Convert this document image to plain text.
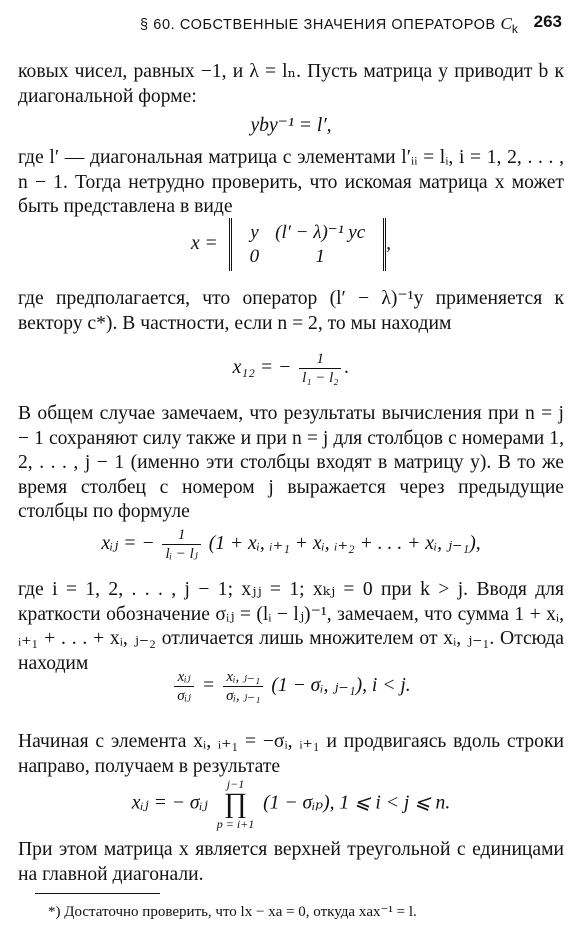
§ 60. СОБСТВЕННЫЕ ЗНАЧЕНИЯ ОПЕРАТОРОВ $C_k$ 263

ковых чисел, равных −1, и λ = lₙ. Пусть матрица y приводит b к диагональной форме:

yby⁻¹ = l′,

где l′ — диагональная матрица с элементами l′ᵢᵢ = lᵢ, i = 1, 2, . . . , n − 1. Тогда нетрудно проверить, что искомая матрица x может быть представлена в виде

x =
y	(l′ − λ)⁻¹ yc
0	1
,

где предполагается, что оператор (l′ − λ)⁻¹y применяется к вектору c*). В частности, если n = 2, то мы находим

x₁₂ = − $\frac{1}{\text{l₁ − l₂}}$ .

В общем случае замечаем, что результаты вычисления при n = j − 1 сохраняют силу также и при n = j для столбцов с номерами 1, 2, . . . , j − 1 (именно эти столбцы входят в матрицу y). В то же время столбец с номером j выражается через предыдущие столбцы по формуле

xᵢⱼ = − $\frac{1}{\text{lᵢ − lⱼ}} (1$ + xᵢ, ᵢ₊₁ + xᵢ, ᵢ₊₂ + . . . + xᵢ, ⱼ₋₁),

где i = 1, 2, . . . , j − 1; xⱼⱼ = 1; xₖⱼ = 0 при k > j. Вводя для краткости обозначение σᵢⱼ = (lᵢ − lⱼ)⁻¹, замечаем, что сумма 1 + xᵢ, ᵢ₊₁ + . . . + xᵢ, ⱼ₋₂ отличается лишь множителем от xᵢ, ⱼ₋₁. Отсюда находим

$\frac{\text{xᵢⱼ}}{\text{σᵢⱼ}} = \frac{\text{xᵢ, ⱼ₋₁}}{\text{σᵢ, ⱼ₋₁}} (1$ − σᵢ, ⱼ₋₁), i < j.

Начиная с элемента xᵢ, ᵢ₊₁ = −σᵢ, ᵢ₊₁ и продвигаясь вдоль строки направо, получаем в результате

xᵢⱼ = − σᵢⱼ
j−1
∏
p = i+1
(1 − σᵢₚ), 1 ⩽ i < j ⩽ n.

При этом матрица x является верхней треугольной с единицами на главной диагонали.

*) Достаточно проверить, что lx − xa = 0, откуда xax⁻¹ = l.
